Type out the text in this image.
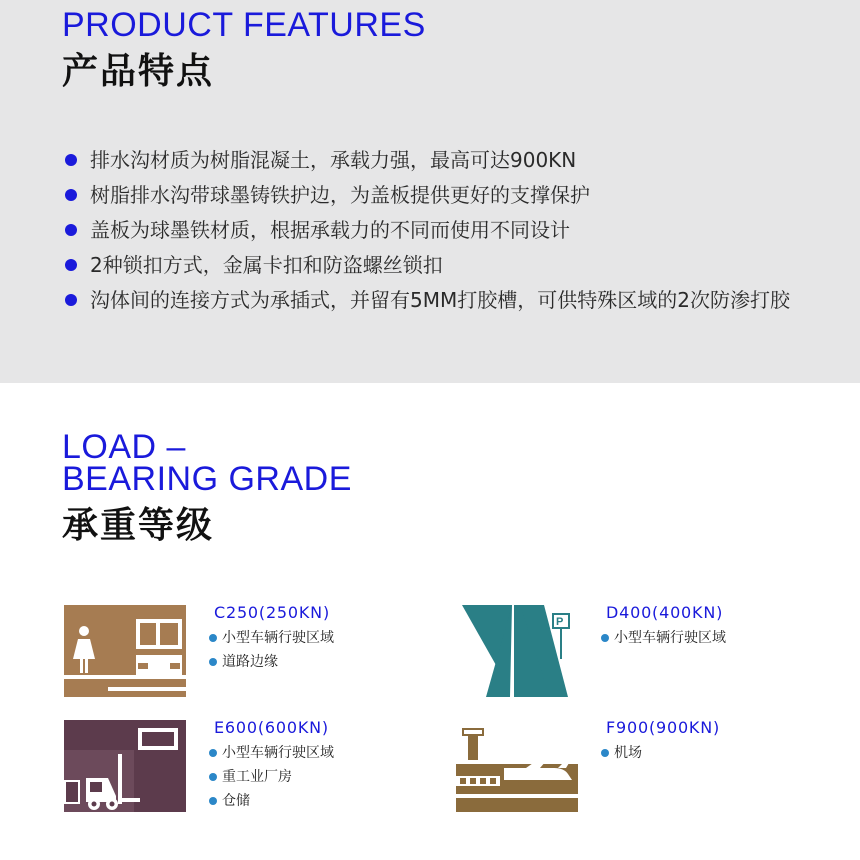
PRODUCT FEATURES
产品特点
排水沟材质为树脂混凝土，承载力强，最高可达900KN
树脂排水沟带球墨铸铁护边，为盖板提供更好的支撑保护
盖板为球墨铁材质，根据承载力的不同而使用不同设计
2种锁扣方式，金属卡扣和防盗螺丝锁扣
沟体间的连接方式为承插式，并留有5MM打胶槽，可供特殊区域的2次防渗打胶
LOAD –
BEARING GRADE
承重等级
C250(250KN)
小型车辆行驶区域
道路边缘
P	D400(400KN)
小型车辆行驶区域
E600(600KN)
小型车辆行驶区域
重工业厂房
仓储
F900(900KN)
机场
